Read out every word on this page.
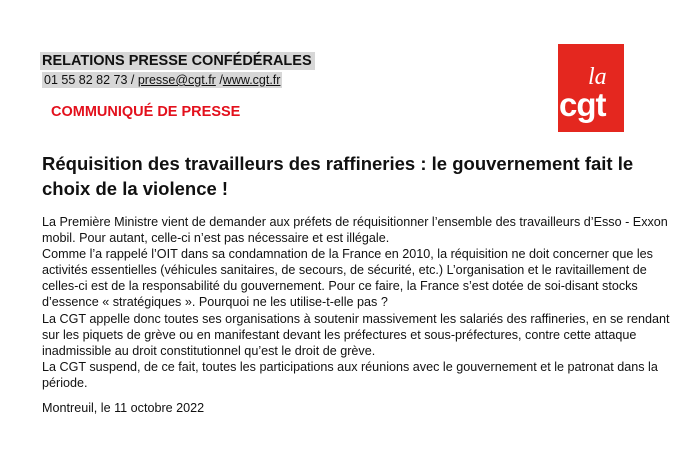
RELATIONS PRESSE CONFÉDÉRALES
01 55 82 82 73 / presse@cgt.fr /www.cgt.fr
COMMUNIQUÉ DE PRESSE
la
cgt
Réquisition des travailleurs des raffineries : le gouvernement fait le choix de la violence !

La Première Ministre vient de demander aux préfets de réquisitionner l’ensemble des travailleurs d’Esso - Exxon mobil. Pour autant, celle-ci n’est pas nécessaire et est illégale.

Comme l’a rappelé l’OIT dans sa condamnation de la France en 2010, la réquisition ne doit concerner que les activités essentielles (véhicules sanitaires, de secours, de sécurité, etc.) L’organisation et le ravitaillement de celles-ci est de la responsabilité du gouvernement. Pour ce faire, la France s’est dotée de soi-disant stocks d’essence « stratégiques ». Pourquoi ne les utilise-t-elle pas ?

La CGT appelle donc toutes ses organisations à soutenir massivement les salariés des raffineries, en se rendant sur les piquets de grève ou en manifestant devant les préfectures et sous-préfectures, contre cette attaque inadmissible au droit constitutionnel qu’est le droit de grève.

La CGT suspend, de ce fait, toutes les participations aux réunions avec le gouvernement et le patronat dans la période.

Montreuil, le 11 octobre 2022
